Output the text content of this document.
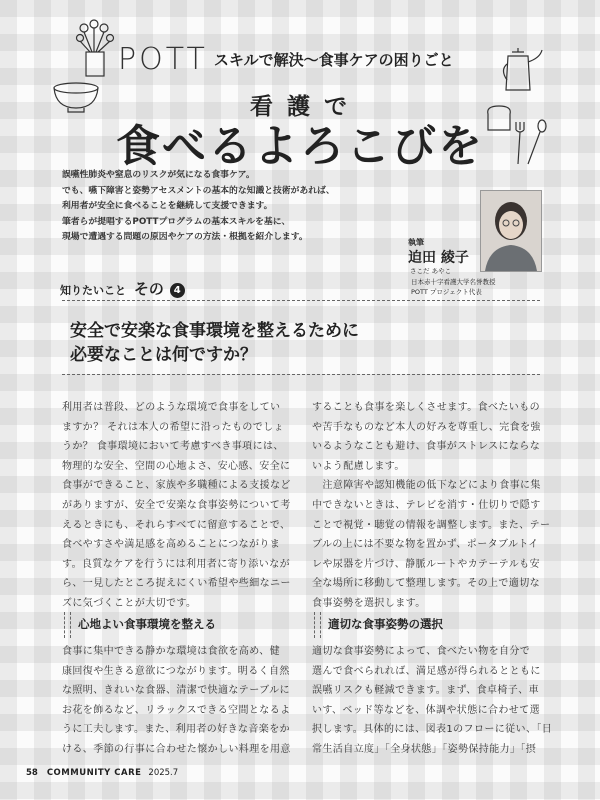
POTT スキルで解決〜食事ケアの困りごと
看 護 で
食べるよろこびを
誤嚥性肺炎や窒息のリスクが気になる食事ケア。
でも、嚥下障害と姿勢アセスメントの基本的な知識と技術があれば、
利用者が安全に食べることを継続して支援できます。
筆者らが提唱するPOTTプログラムの基本スキルを基に、
現場で遭遇する問題の原因やケアの方法・根拠を紹介します。
執筆
迫田 綾子
さこだ あやこ
日本赤十字看護大学名誉教授
POTT プロジェクト代表
知りたいこと その 4
安全で安楽な食事環境を整えるために
必要なことは何ですか？
利用者は普段、どのような環境で食事をしてい
ますか？ それは本人の希望に沿ったものでしょ
うか？ 食事環境において考慮すべき事項には、
物理的な安全、空間の心地よさ、安心感、安全に
食事ができること、家族や多職種による支援など
がありますが、安全で安楽な食事姿勢について考
えるときにも、それらすべてに留意することで、
食べやすさや満足感を高めることにつながりま
す。良質なケアを行うには利用者に寄り添いなが
ら、一見したところ捉えにくい希望や些細なニー
ズに気づくことが大切です。
心地よい食事環境を整える
食事に集中できる静かな環境は食欲を高め、健
康回復や生きる意欲につながります。明るく自然
な照明、きれいな食器、清潔で快適なテーブルに
お花を飾るなど、リラックスできる空間となるよ
うに工夫します。また、利用者の好きな音楽をか
ける、季節の行事に合わせた懐かしい料理を用意
することも食事を楽しくさせます。食べたいもの
や苦手なものなど本人の好みを尊重し、完食を強
いるようなことも避け、食事がストレスにならな
いよう配慮します。
　注意障害や認知機能の低下などにより食事に集
中できないときは、テレビを消す・仕切りで隠す
ことで視覚・聴覚の情報を調整します。また、テー
ブルの上には不要な物を置かず、ポータブルトイ
レや尿器を片づけ、静脈ルートやカテーテルも安
全な場所に移動して整理します。その上で適切な
食事姿勢を選択します。
適切な食事姿勢の選択
適切な食事姿勢によって、食べたい物を自分で
選んで食べられれば、満足感が得られるとともに
誤嚥リスクも軽減できます。まず、食卓椅子、車
いす、ベッド等などを、体調や状態に合わせて選
択します。具体的には、図表1のフローに従い、「日
常生活自立度」「全身状態」「姿勢保持能力」「摂
58 COMMUNITY CARE 2025.7
